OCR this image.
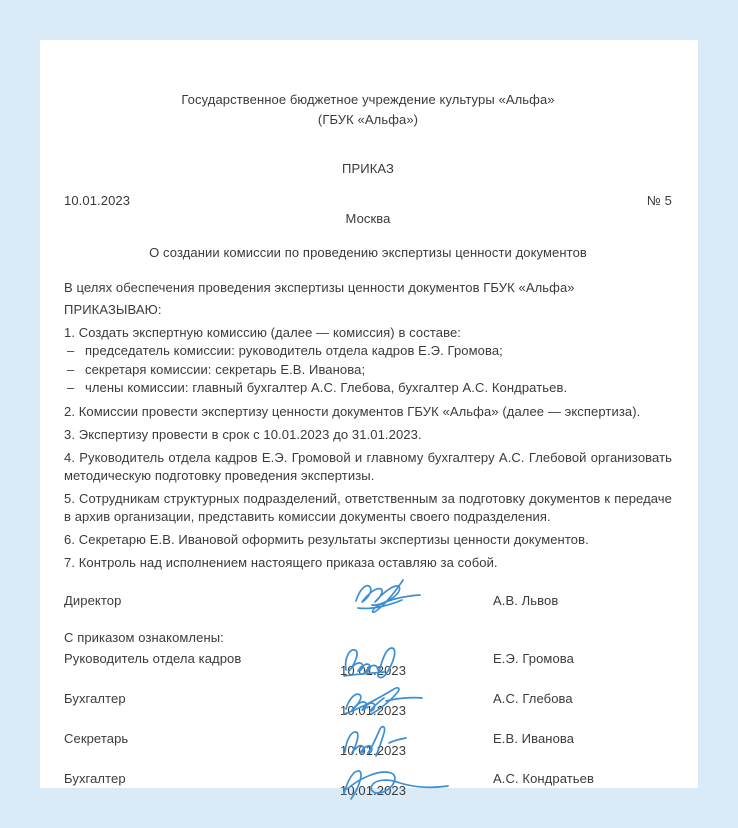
Государственное бюджетное учреждение культуры «Альфа»
(ГБУК «Альфа»)
ПРИКАЗ
10.01.2023	№ 5
Москва
О создании комиссии по проведению экспертизы ценности документов

В целях обеспечения проведения экспертизы ценности документов ГБУК «Альфа»

ПРИКАЗЫВАЮ:

1. Создать экспертную комиссию (далее — комиссия) в составе:

– председатель комиссии: руководитель отдела кадров Е.Э. Громова;
– секретаря комиссии: секретарь Е.В. Иванова;
– члены комиссии: главный бухгалтер А.С. Глебова, бухгалтер А.С. Кондратьев.

2. Комиссии провести экспертизу ценности документов ГБУК «Альфа» (далее — экспертиза).

3. Экспертизу провести в срок с 10.01.2023 до 31.01.2023.

4. Руководитель отдела кадров Е.Э. Громовой и главному бухгалтеру А.С. Глебовой организовать методическую подготовку проведения экспертизы.

5. Сотрудникам структурных подразделений, ответственным за подготовку документов к передаче в архив организации, представить комиссии документы своего подразделения.

6. Секретарю Е.В. Ивановой оформить результаты экспертизы ценности документов.

7. Контроль над исполнением настоящего приказа оставляю за собой.

Директор	А.В. Львов

С приказом ознакомлены:

Руководитель отдела кадров
10.01.2023
Е.Э. Громова
Бухгалтер
10.01.2023
А.С. Глебова
Секретарь
10.01.2023
Е.В. Иванова
Бухгалтер
10.01.2023
А.С. Кондратьев
